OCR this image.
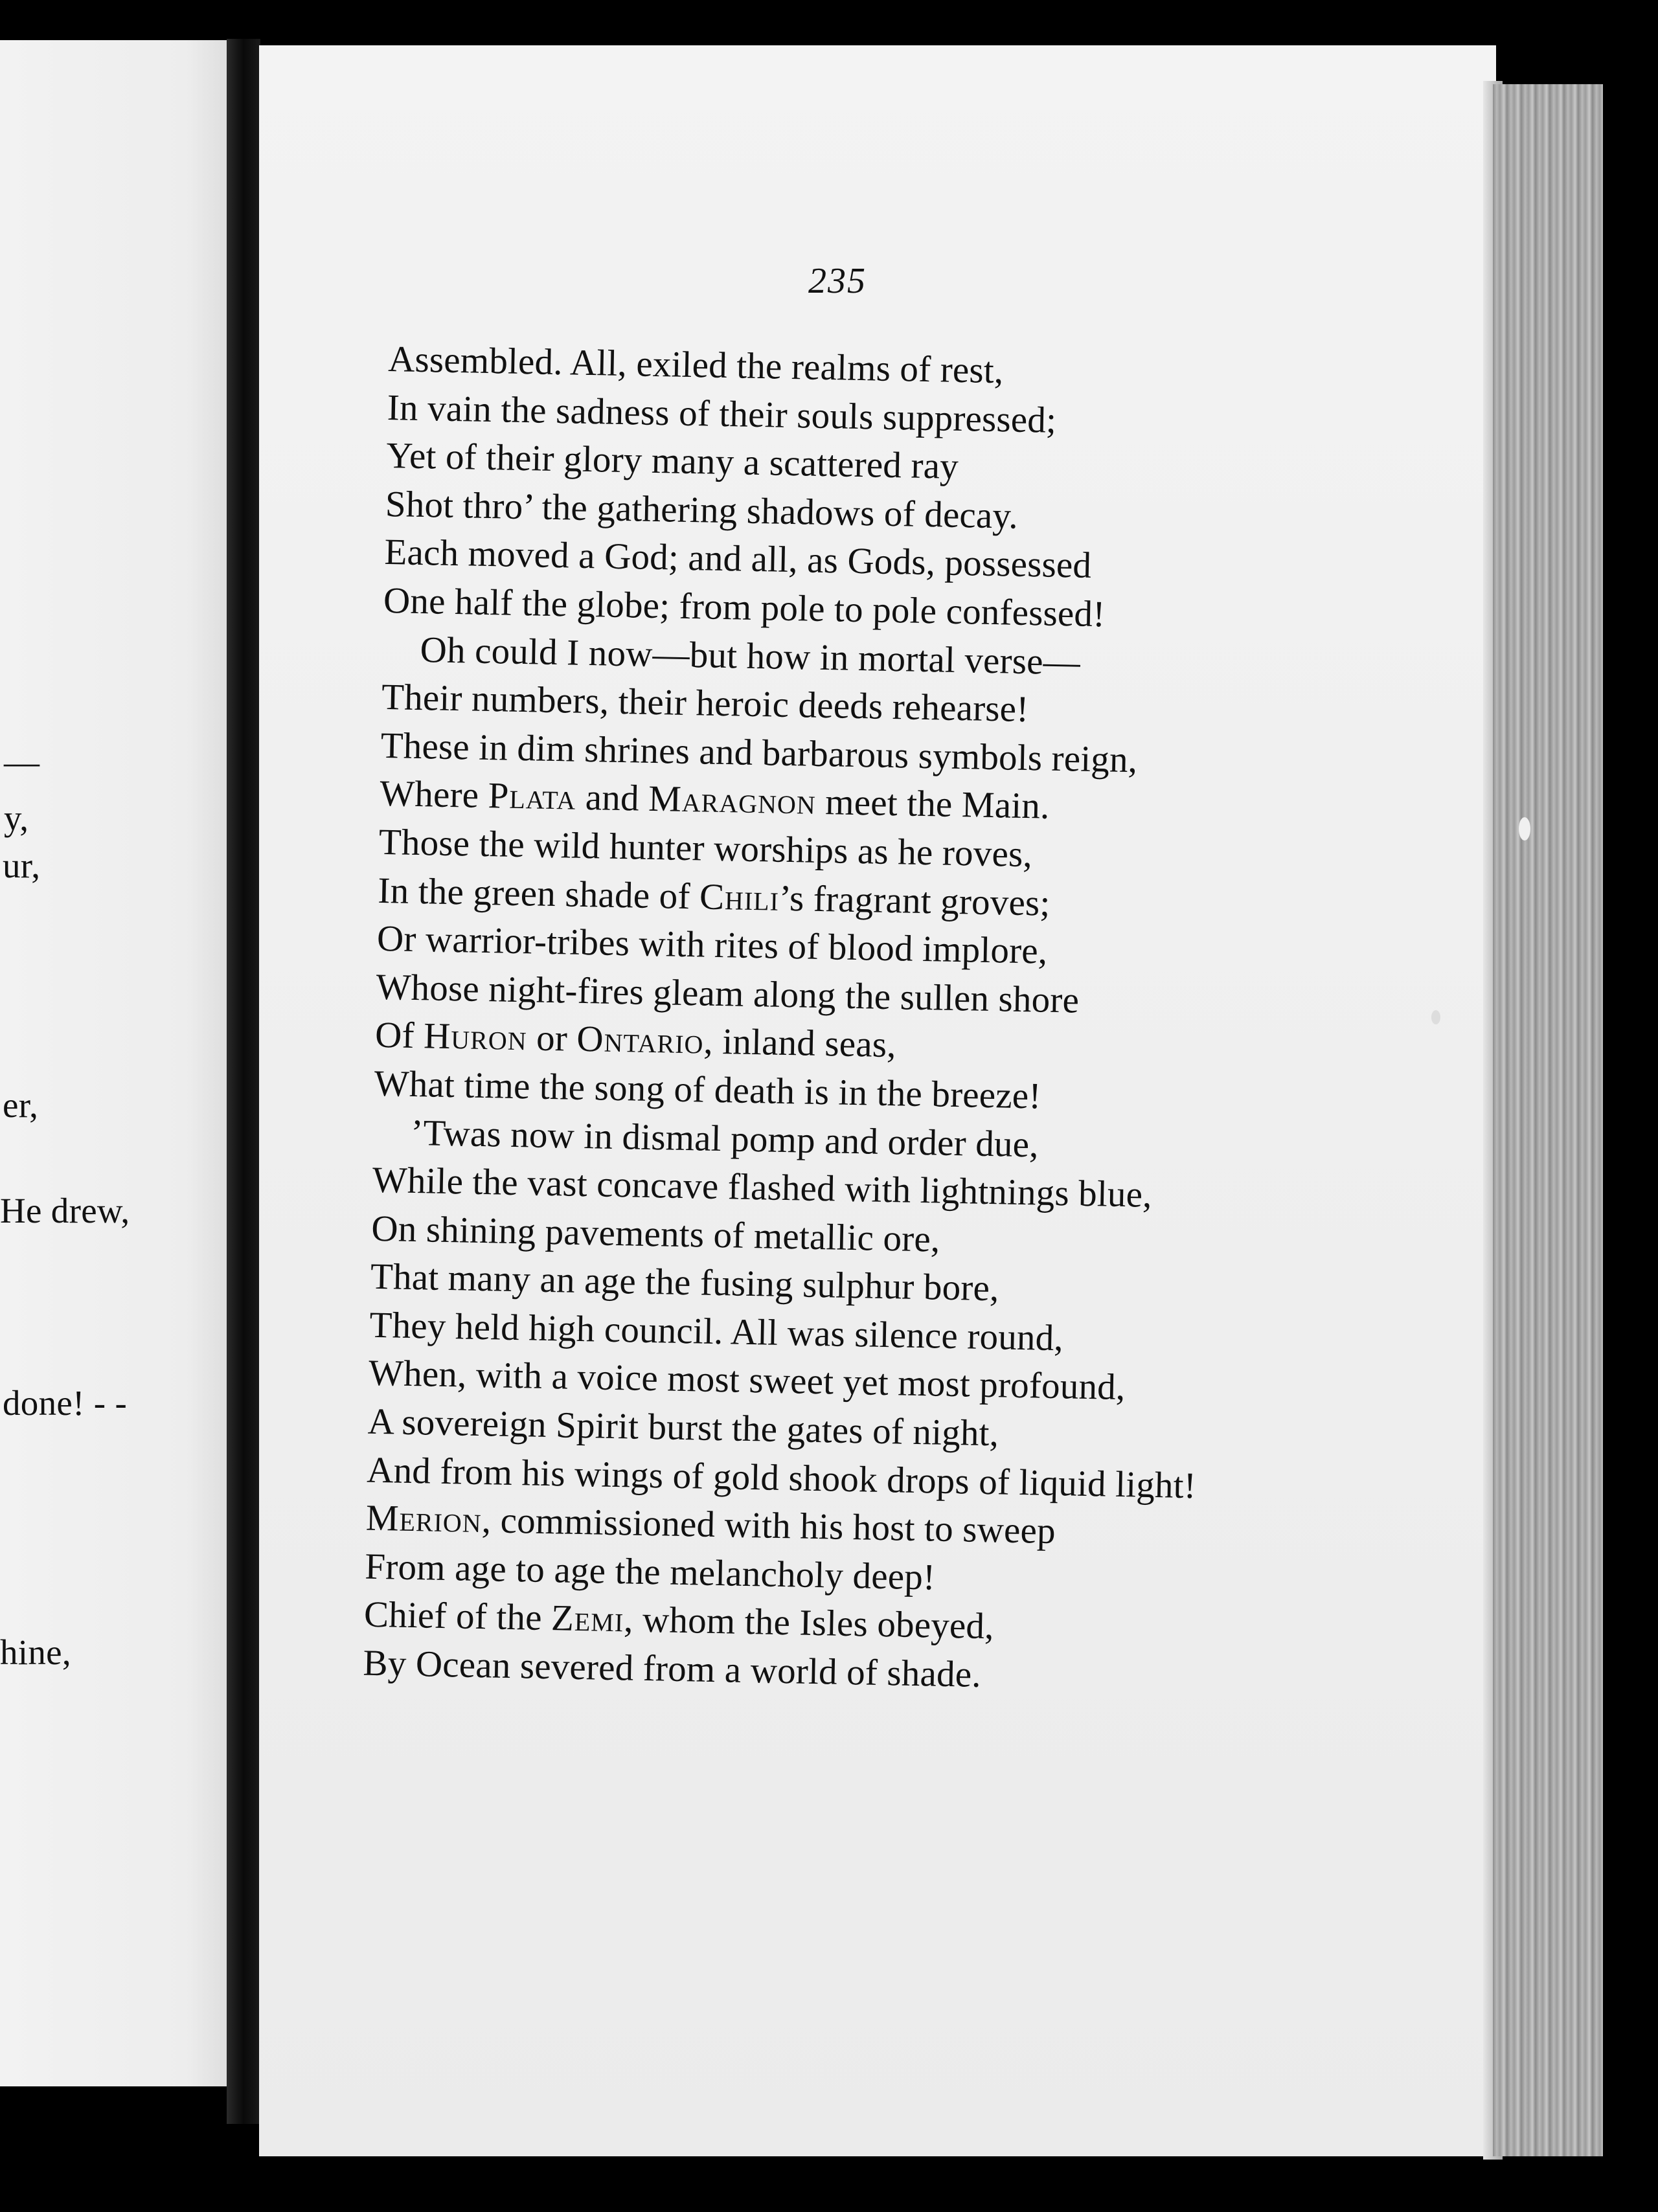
—
y,
ur,
er,
He drew,
done! - -
hine,
235
Assembled. All, exiled the realms of rest,
In vain the sadness of their souls suppressed;
Yet of their glory many a scattered ray
Shot thro’ the gathering shadows of decay.
Each moved a God; and all, as Gods, possessed
One half the globe; from pole to pole confessed!
Oh could I now—but how in mortal verse—
Their numbers, their heroic deeds rehearse!
These in dim shrines and barbarous symbols reign,
Where Plata and Maragnon meet the Main.
Those the wild hunter worships as he roves,
In the green shade of Chili’s fragrant groves;
Or warrior-tribes with rites of blood implore,
Whose night-fires gleam along the sullen shore
Of Huron or Ontario, inland seas,
What time the song of death is in the breeze!
’Twas now in dismal pomp and order due,
While the vast concave flashed with lightnings blue,
On shining pavements of metallic ore,
That many an age the fusing sulphur bore,
They held high council. All was silence round,
When, with a voice most sweet yet most profound,
A sovereign Spirit burst the gates of night,
And from his wings of gold shook drops of liquid light!
Merion, commissioned with his host to sweep
From age to age the melancholy deep!
Chief of the Zemi, whom the Isles obeyed,
By Ocean severed from a world of shade.
